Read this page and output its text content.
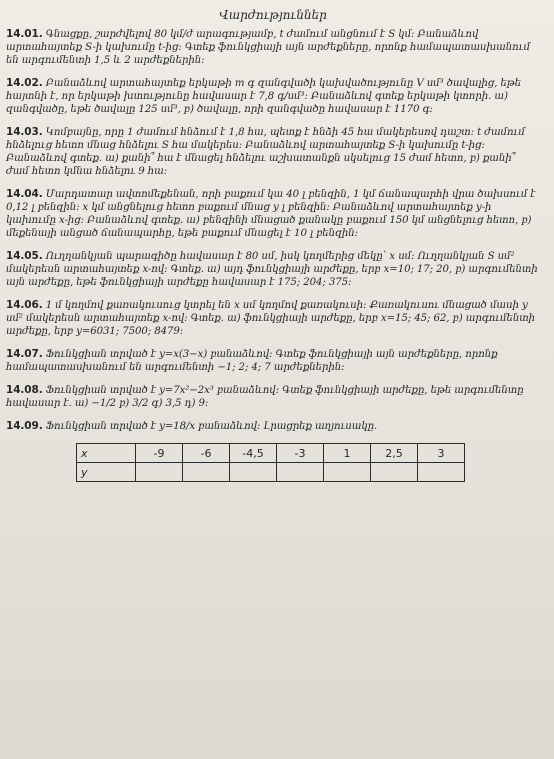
Վարժություններ
14.01. Գնացքը, շարժվելով 80 կմ/ժ արագությամբ, t ժամում անցնում է S կմ: Բանաձևով արտահայտեք S-ի կախումը t-ից: Գտեք ֆունկցիայի այն արժեքները, որոնք համապատասխանում են արգումենտի 1,5 և 2 արժեքներին:
14.02. Բանաձևով արտահայտեք երկաթի m գ զանգվածի կախվածությունը V սմ³ ծավալից, եթե հայտնի է, որ երկաթի խտությունը հավասար է 7,8 գ/սմ³: Բանաձևով գտեք երկաթի կտորի. ա) զանգվածը, եթե ծավալը 125 սմ³, բ) ծավալը, որի զանգվածը հավասար է 1170 գ:
14.03. Կոմբայնը, որը 1 ժամում հնձում է 1,8 հա, պետք է հնձի 45 հա մակերեսով դաշտ: t ժամում հնձելուց հետո մնաց հնձելու S հա մակերես: Բանաձևով արտահայտեք S-ի կախումը t-ից: Բանաձևով գտեք. ա) քանի՞ հա է մնացել հնձելու աշխատանքն սկսելուց 15 ժամ հետո, բ) քանի՞ ժամ հետո կմնա հնձելու 9 հա:
14.04. Մարդատար ավտոմեքենան, որի բաքում կա 40 լ բենզին, 1 կմ ճանապարհի վրա ծախսում է 0,12 լ բենզին: x կմ անցնելուց հետո բաքում մնաց y լ բենզին: Բանաձևով արտահայտեք y-ի կախումը x-ից: Բանաձևով գտեք. ա) բենզինի մնացած քանակը բաքում 150 կմ անցնելուց հետո, բ) մեքենայի անցած ճանապարհը, եթե բաքում մնացել է 10 լ բենզին:
14.05. Ուղղանկյան պարագիծը հավասար է 80 սմ, իսկ կողմերից մեկը՝ x սմ: Ուղղանկյան S սմ² մակերեսն արտահայտեք x-ով: Գտեք. ա) այդ ֆունկցիայի արժեքը, երբ x=10; 17; 20, բ) արգումենտի այն արժեքը, եթե ֆունկցիայի արժեքը հավասար է 175; 204; 375:
14.06. 1 մ կողմով քառակուսուց կտրել են x սմ կողմով քառակուսի: Քառակուսու մնացած մասի y սմ² մակերեսն արտահայտեք x-ով: Գտեք. ա) ֆունկցիայի արժեքը, երբ x=15; 45; 62, բ) արգումենտի արժեքը, երբ y=6031; 7500; 8479:
14.07. Ֆունկցիան տրված է y=x(3−x) բանաձևով: Գտեք ֆունկցիայի այն արժեքները, որոնք համապատասխանում են արգումենտի −1; 2; 4; 7 արժեքներին:
14.08. Ֆունկցիան տրված է y=7x²−2x³ բանաձևով: Գտեք ֆունկցիայի արժեքը, եթե արգումենտը հավասար է. ա) −1/2 բ) 3/2 գ) 3,5 դ) 9:
14.09. Ֆունկցիան տրված է y=18/x բանաձևով: Լրացրեք աղյուսակը.
x	-9	-6	-4,5	-3	1	2,5	3
y							
